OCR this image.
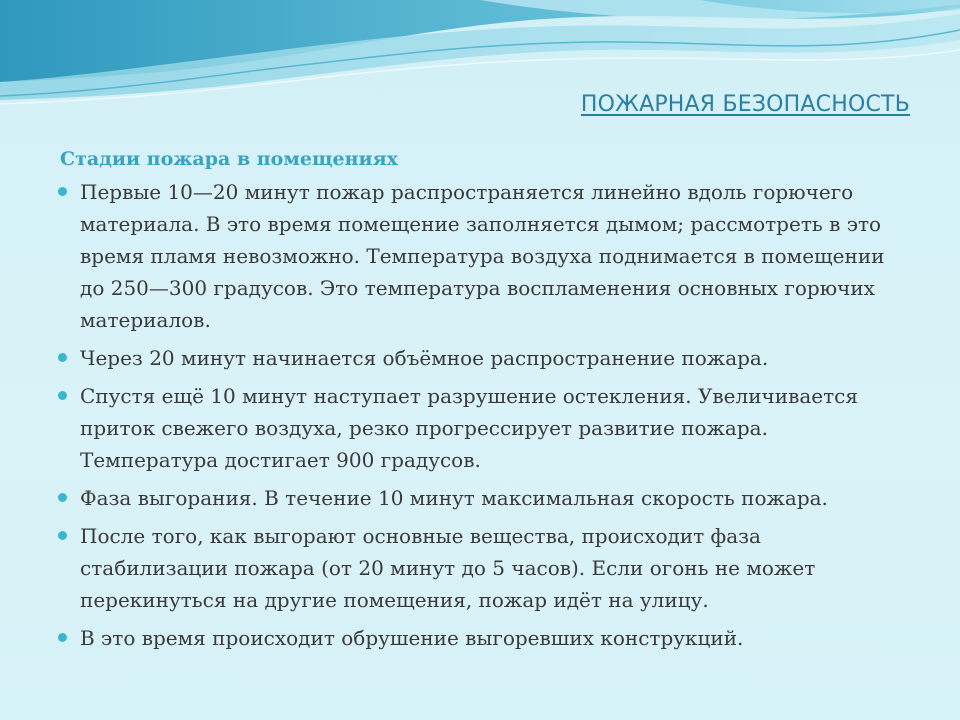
ПОЖАРНАЯ БЕЗОПАСНОСТЬ
Стадии пожара в помещениях
Первые 10—20 минут пожар распространяется линейно вдоль горючего материала. В это время помещение заполняется дымом; рассмотреть в это время пламя невозможно. Температура воздуха поднимается в помещении до 250—300 градусов. Это температура воспламенения основных горючих материалов.
Через 20 минут начинается объёмное распространение пожара.
Спустя ещё 10 минут наступает разрушение остекления. Увеличивается приток свежего воздуха, резко прогрессирует развитие пожара. Температура достигает 900 градусов.
Фаза выгорания. В течение 10 минут максимальная скорость пожара.
После того, как выгорают основные вещества, происходит фаза стабилизации пожара (от 20 минут до 5 часов). Если огонь не может перекинуться на другие помещения, пожар идёт на улицу.
В это время происходит обрушение выгоревших конструкций.
